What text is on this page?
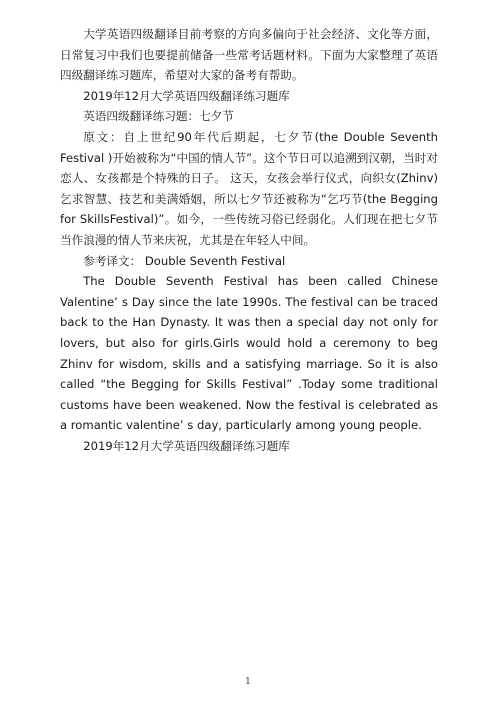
大学英语四级翻译目前考察的方向多偏向于社会经济、文化等方面，日常复习中我们也要提前储备一些常考话题材料。下面为大家整理了英语四级翻译练习题库，希望对大家的备考有帮助。

2019年12月大学英语四级翻译练习题库

英语四级翻译练习题：七夕节

原文：自上世纪90年代后期起，七夕节(the Double Seventh Festival )开始被称为“中国的情人节”。这个节日可以追溯到汉朝，当时对恋人、女孩都是个特殊的日子。 这天，女孩会举行仪式，向织女(Zhinv)乞求智慧、技艺和美满婚姻，所以七夕节还被称为“乞巧节(the Begging for SkillsFestival)”。如今，一些传统习俗已经弱化。人们现在把七夕节当作浪漫的情人节来庆祝，尤其是在年轻人中间。

参考译文： Double Seventh Festival

The Double Seventh Festival has been called Chinese Valentine’ s Day since the late 1990s. The festival can be traced back to the Han Dynasty. It was then a special day not only for lovers, but also for girls.Girls would hold a ceremony to beg Zhinv for wisdom, skills and a satisfying marriage. So it is also called “the Begging for Skills Festival” .Today some traditional customs have been weakened. Now the festival is celebrated as a romantic valentine’ s day, particularly among young people.

2019年12月大学英语四级翻译练习题库

1
